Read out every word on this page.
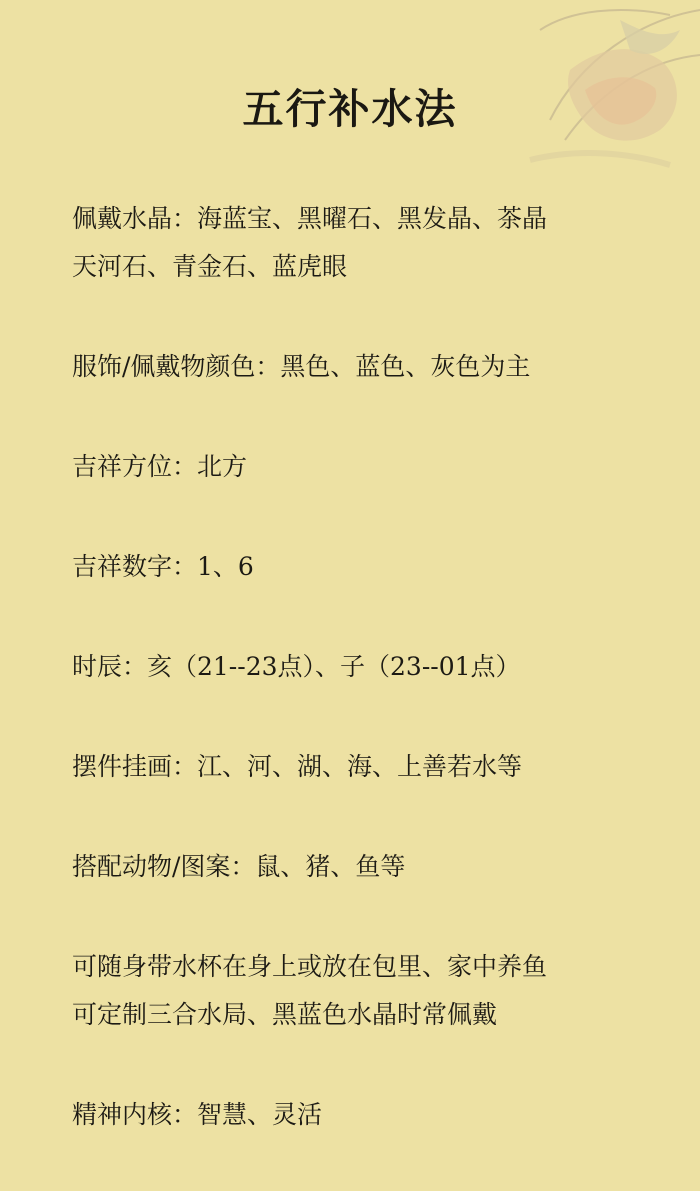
五行补水法
佩戴水晶：海蓝宝、黑曜石、黑发晶、茶晶
天河石、青金石、蓝虎眼
服饰/佩戴物颜色：黑色、蓝色、灰色为主
吉祥方位：北方
吉祥数字：1、6
时辰：亥（21--23点）、子（23--01点）
摆件挂画：江、河、湖、海、上善若水等
搭配动物/图案：鼠、猪、鱼等
可随身带水杯在身上或放在包里、家中养鱼
可定制三合水局、黑蓝色水晶时常佩戴
精神内核：智慧、灵活
